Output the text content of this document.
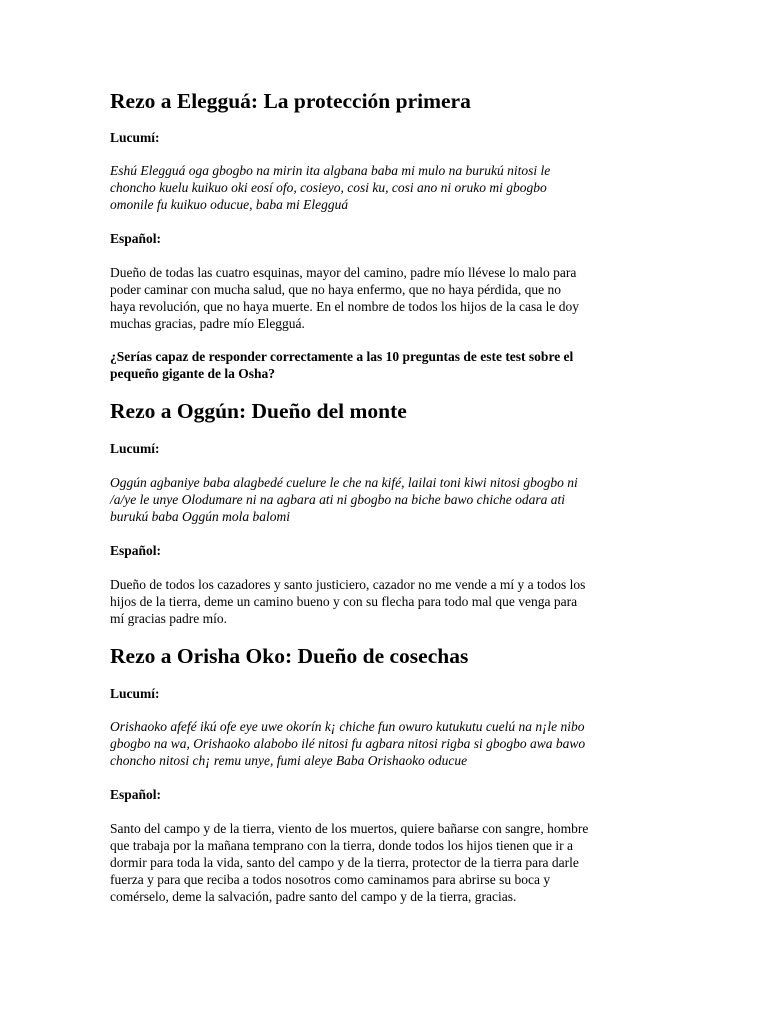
Rezo a Elegguá: La protección primera

Lucumí:

Eshú Elegguá oga gbogbo na mirin ita algbana baba mi mulo na burukú nitosi le
choncho kuelu kuikuo oki eosí ofo, cosieyo, cosi ku, cosi ano ni oruko mi gbogbo
omonile fu kuikuo oducue, baba mi Elegguá

Español:

Dueño de todas las cuatro esquinas, mayor del camino, padre mío llévese lo malo para
poder caminar con mucha salud, que no haya enfermo, que no haya pérdida, que no
haya revolución, que no haya muerte. En el nombre de todos los hijos de la casa le doy
muchas gracias, padre mío Elegguá.

¿Serías capaz de responder correctamente a las 10 preguntas de este test sobre el
pequeño gigante de la Osha?

Rezo a Oggún: Dueño del monte

Lucumí:

Oggún agbaniye baba alagbedé cuelure le che na kifé, lailai toni kiwi nitosi gbogbo ni
/a/ye le unye Olodumare ni na agbara ati ni gbogbo na biche bawo chiche odara ati
burukú baba Oggún mola balomi

Español:

Dueño de todos los cazadores y santo justiciero, cazador no me vende a mí y a todos los
hijos de la tierra, deme un camino bueno y con su flecha para todo mal que venga para
mí gracias padre mío.

Rezo a Orisha Oko: Dueño de cosechas

Lucumí:

Orishaoko afefé ikú ofe eye uwe okorín k¡ chiche fun owuro kutukutu cuelú na n¡le nibo
gbogbo na wa, Orishaoko alabobo ilé nitosi fu agbara nitosi rigba si gbogbo awa bawo
choncho nitosi ch¡ remu unye, fumi aleye Baba Orishaoko oducue

Español:

Santo del campo y de la tierra, viento de los muertos, quiere bañarse con sangre, hombre
que trabaja por la mañana temprano con la tierra, donde todos los hijos tienen que ir a
dormir para toda la vida, santo del campo y de la tierra, protector de la tierra para darle
fuerza y para que reciba a todos nosotros como caminamos para abrirse su boca y
comérselo, deme la salvación, padre santo del campo y de la tierra, gracias.
